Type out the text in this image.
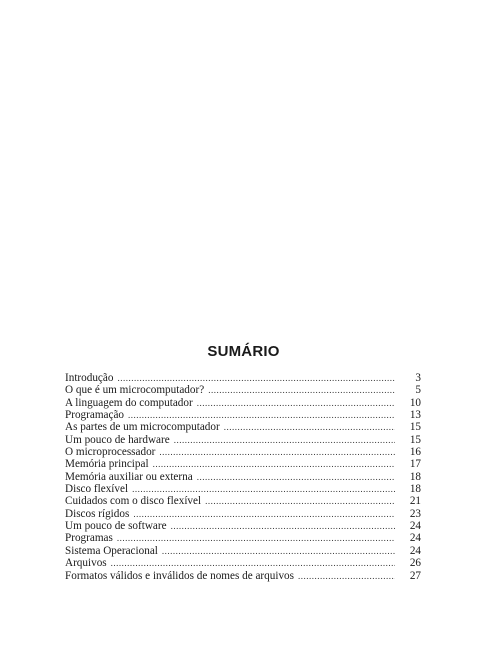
SUMÁRIO
Introdução .....	3
O que é um microcomputador? .....	5
A linguagem do computador .....	10
Programação .....	13
As partes de um microcomputador .....	15
Um pouco de hardware .....	15
O microprocessador .....	16
Memória principal .....	17
Memória auxiliar ou externa .....	18
Disco flexível .....	18
Cuidados com o disco flexível .....	21
Discos rígidos .....	23
Um pouco de software .....	24
Programas .....	24
Sistema Operacional .....	24
Arquivos .....	26
Formatos válidos e inválidos de nomes de arquivos .....	27
